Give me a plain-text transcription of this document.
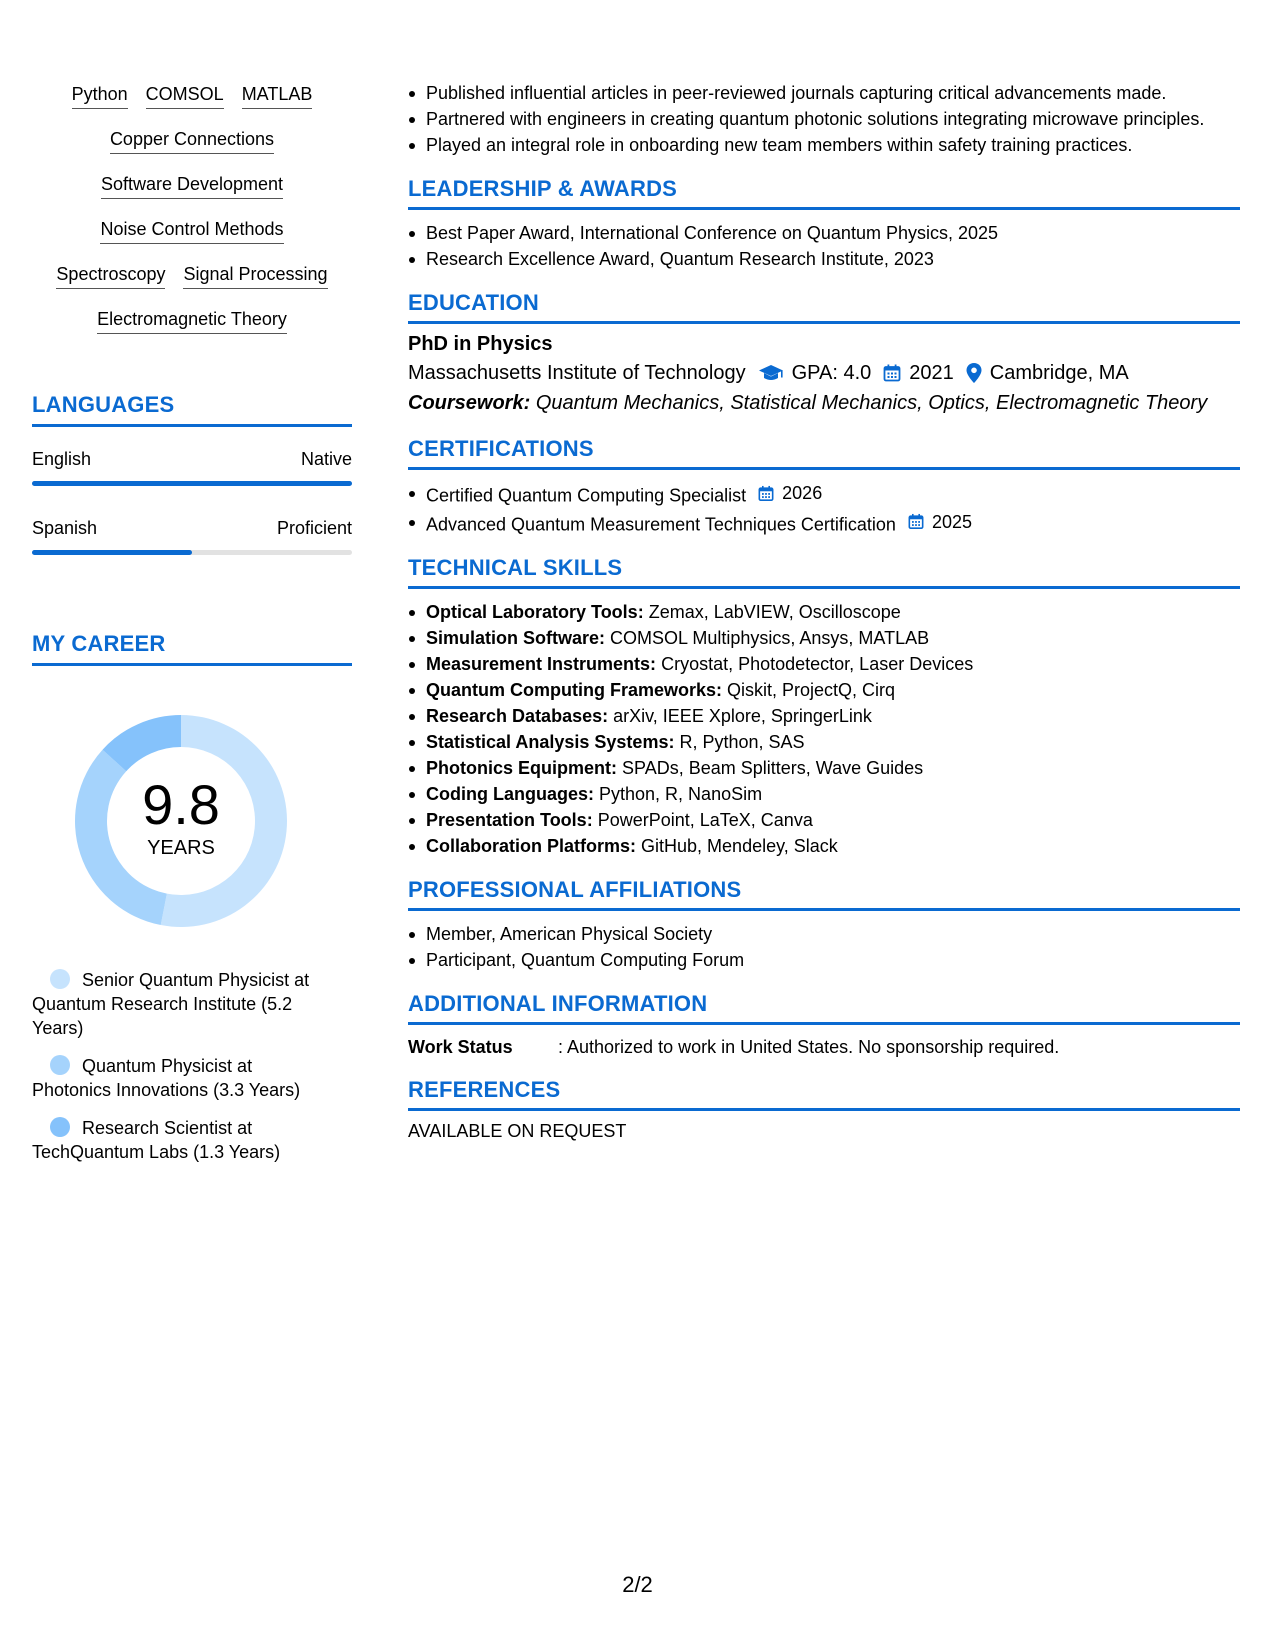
Python COMSOL MATLAB
Copper Connections
Software Development
Noise Control Methods
Spectroscopy Signal Processing
Electromagnetic Theory
LANGUAGES
English	Native
Spanish	Proficient
MY CAREER
9.8
YEARS
Senior Quantum Physicist at Quantum Research Institute (5.2 Years)
Quantum Physicist at Photonics Innovations (3.3 Years)
Research Scientist at TechQuantum Labs (1.3 Years)
Published influential articles in peer-reviewed journals capturing critical advancements made.
Partnered with engineers in creating quantum photonic solutions integrating microwave principles.
Played an integral role in onboarding new team members within safety training practices.
LEADERSHIP & AWARDS
Best Paper Award, International Conference on Quantum Physics, 2025
Research Excellence Award, Quantum Research Institute, 2023
EDUCATION
PhD in Physics
Massachusetts Institute of Technology GPA: 4.0 2021 Cambridge, MA
Coursework: Quantum Mechanics, Statistical Mechanics, Optics, Electromagnetic Theory
CERTIFICATIONS
Certified Quantum Computing Specialist 2026
Advanced Quantum Measurement Techniques Certification 2025
TECHNICAL SKILLS
Optical Laboratory Tools: Zemax, LabVIEW, Oscilloscope
Simulation Software: COMSOL Multiphysics, Ansys, MATLAB
Measurement Instruments: Cryostat, Photodetector, Laser Devices
Quantum Computing Frameworks: Qiskit, ProjectQ, Cirq
Research Databases: arXiv, IEEE Xplore, SpringerLink
Statistical Analysis Systems: R, Python, SAS
Photonics Equipment: SPADs, Beam Splitters, Wave Guides
Coding Languages: Python, R, NanoSim
Presentation Tools: PowerPoint, LaTeX, Canva
Collaboration Platforms: GitHub, Mendeley, Slack
PROFESSIONAL AFFILIATIONS
Member, American Physical Society
Participant, Quantum Computing Forum
ADDITIONAL INFORMATION
Work Status	: Authorized to work in United States. No sponsorship required.
REFERENCES
AVAILABLE ON REQUEST
2/2
